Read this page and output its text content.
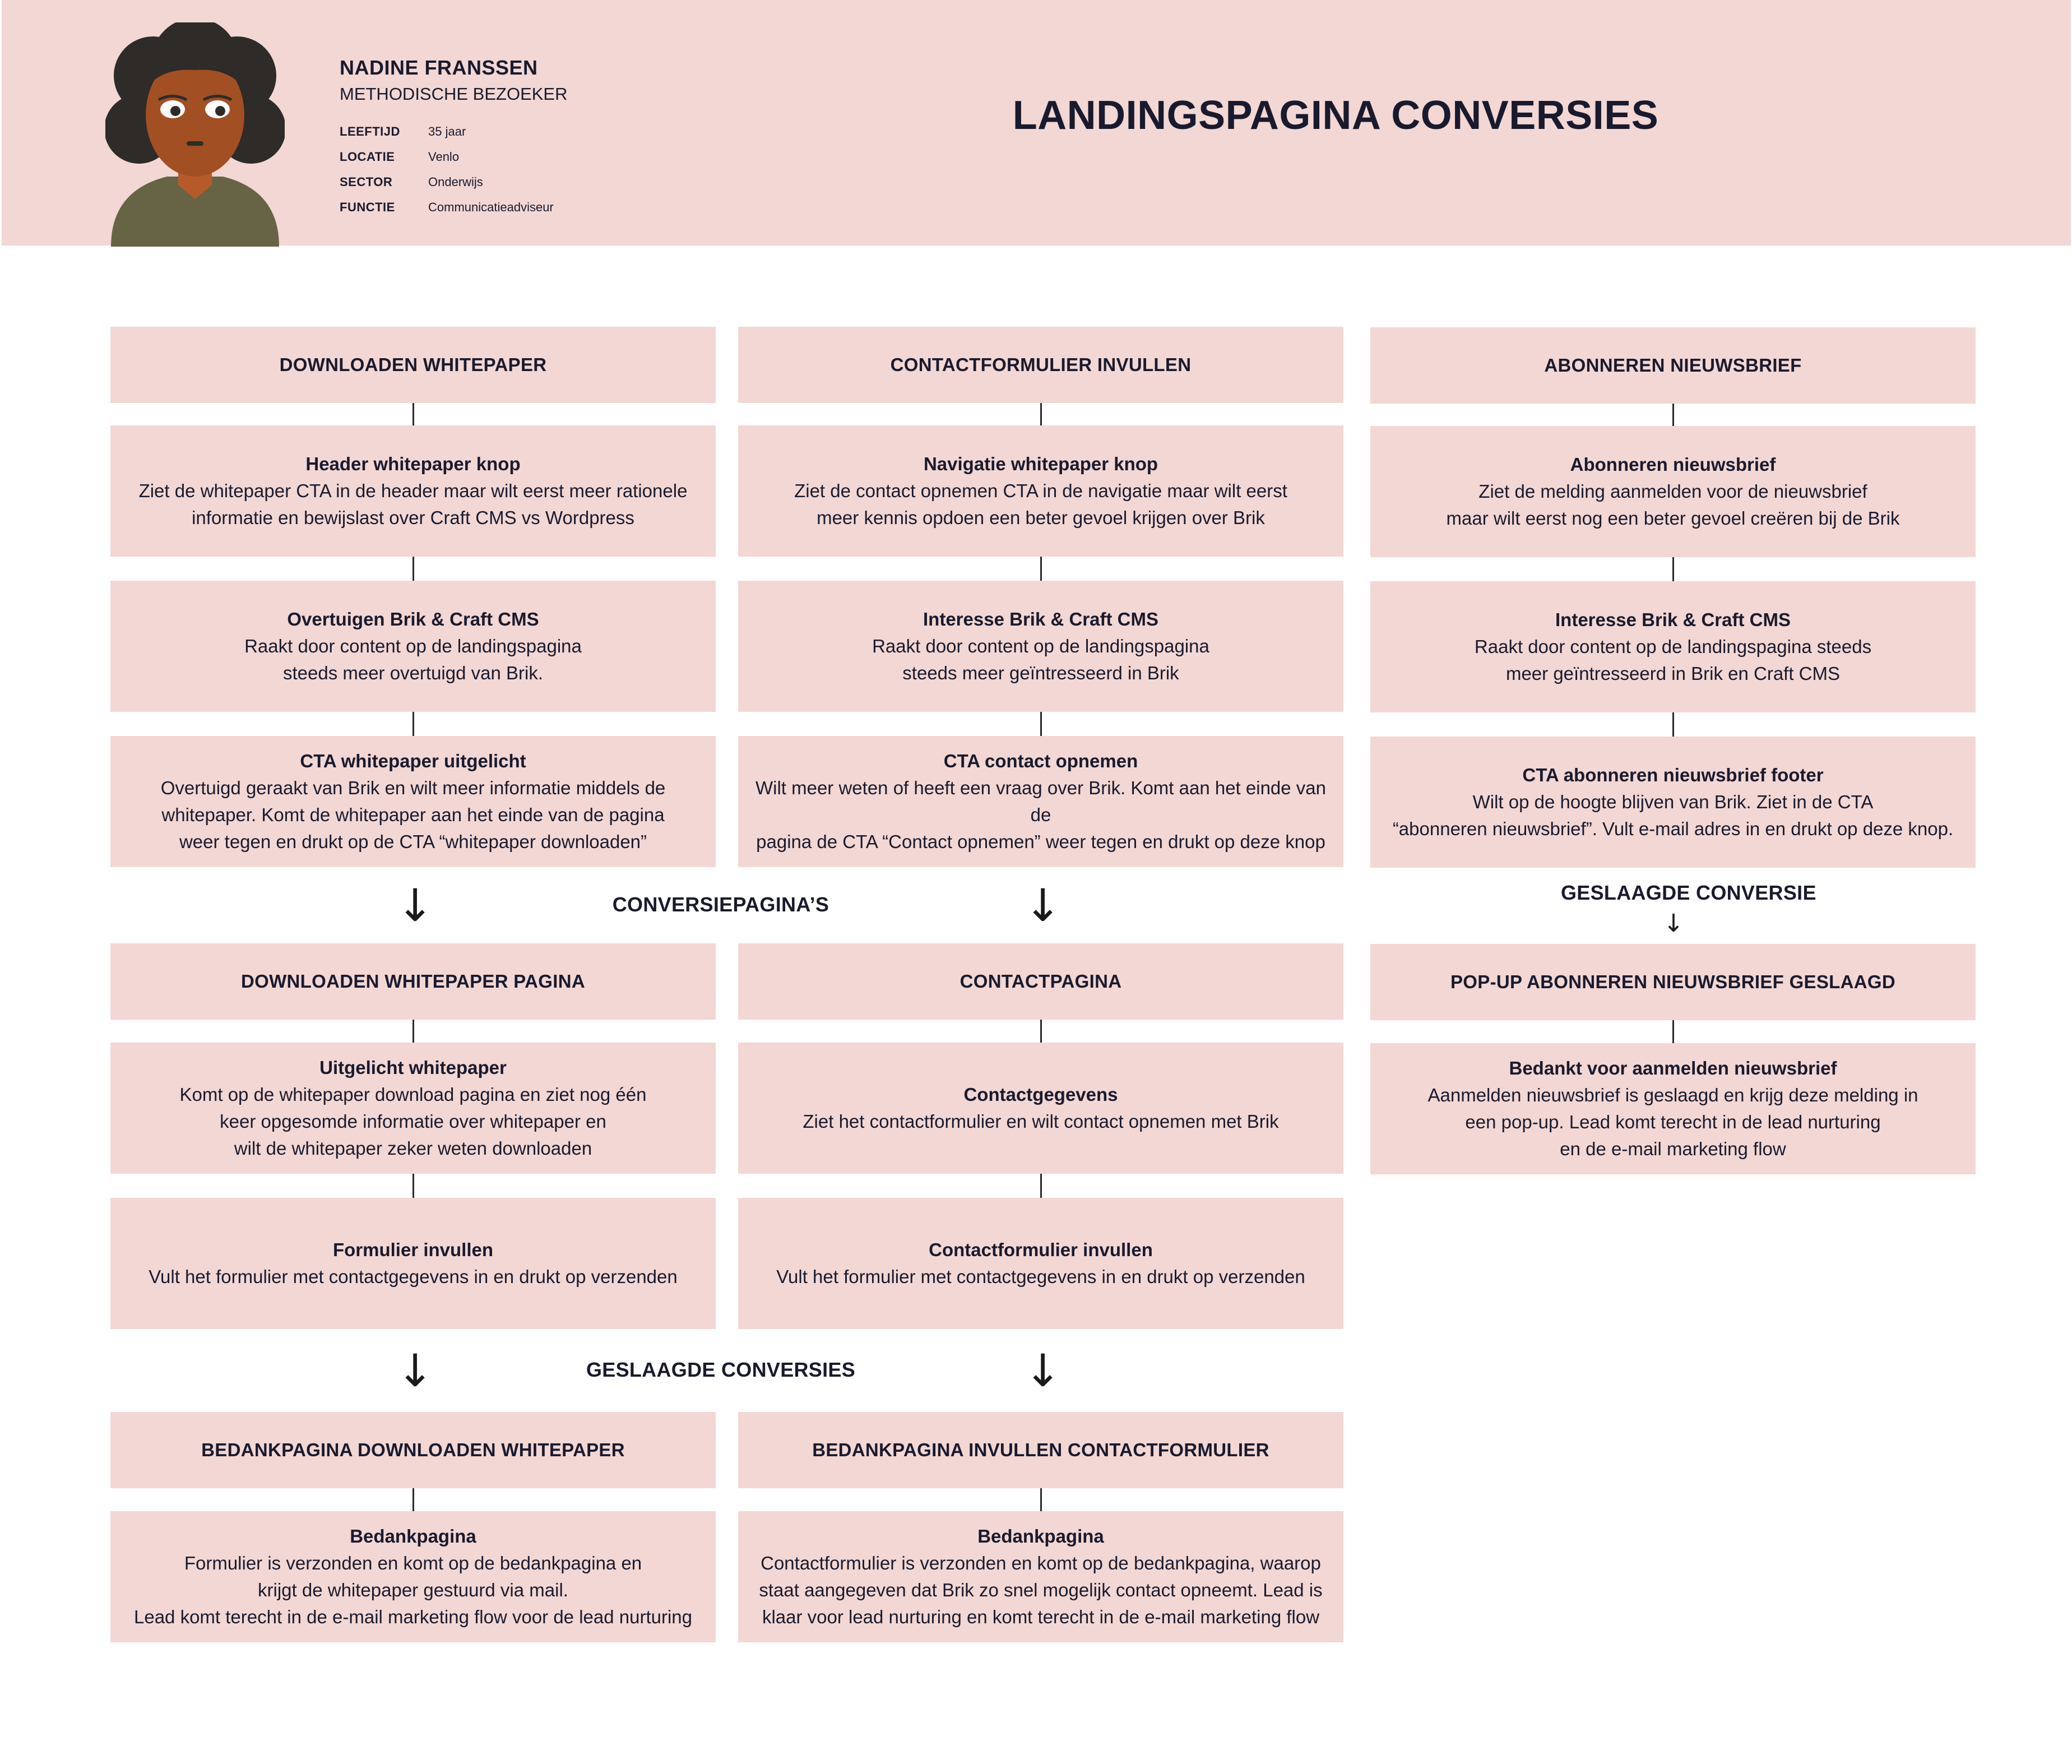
NADINE FRANSSEN
METHODISCHE BEZOEKER
LEEFTIJD	35 jaar
LOCATIE	Venlo
SECTOR	Onderwijs
FUNCTIE	Communicatieadviseur
LANDINGSPAGINA CONVERSIES
DOWNLOADEN WHITEPAPER
Header whitepaper knop
Ziet de whitepaper CTA in de header maar wilt eerst meer rationele
informatie en bewijslast over Craft CMS vs Wordpress
Overtuigen Brik & Craft CMS
Raakt door content op de landingspagina
steeds meer overtuigd van Brik.
CTA whitepaper uitgelicht
Overtuigd geraakt van Brik en wilt meer informatie middels de
whitepaper. Komt de whitepaper aan het einde van de pagina
weer tegen en drukt op de CTA “whitepaper downloaden”
↓
DOWNLOADEN WHITEPAPER PAGINA
Uitgelicht whitepaper
Komt op de whitepaper download pagina en ziet nog één
keer opgesomde informatie over whitepaper en
wilt de whitepaper zeker weten downloaden
Formulier invullen
Vult het formulier met contactgegevens in en drukt op verzenden
↓
BEDANKPAGINA DOWNLOADEN WHITEPAPER
Bedankpagina
Formulier is verzonden en komt op de bedankpagina en
krijgt de whitepaper gestuurd via mail.
Lead komt terecht in de e-mail marketing flow voor de lead nurturing
CONTACTFORMULIER INVULLEN
Navigatie whitepaper knop
Ziet de contact opnemen CTA in de navigatie maar wilt eerst
meer kennis opdoen een beter gevoel krijgen over Brik
Interesse Brik & Craft CMS
Raakt door content op de landingspagina
steeds meer geïntresseerd in Brik
CTA contact opnemen
Wilt meer weten of heeft een vraag over Brik. Komt aan het einde van de
pagina de CTA “Contact opnemen” weer tegen en drukt op deze knop
↓
CONTACTPAGINA
Contactgegevens
Ziet het contactformulier en wilt contact opnemen met Brik
Contactformulier invullen
Vult het formulier met contactgegevens in en drukt op verzenden
↓
BEDANKPAGINA INVULLEN CONTACTFORMULIER
Bedankpagina
Contactformulier is verzonden en komt op de bedankpagina, waarop
staat aangegeven dat Brik zo snel mogelijk contact opneemt. Lead is
klaar voor lead nurturing en komt terecht in de e-mail marketing flow
ABONNEREN NIEUWSBRIEF
Abonneren nieuwsbrief
Ziet de melding aanmelden voor de nieuwsbrief
maar wilt eerst nog een beter gevoel creëren bij de Brik
Interesse Brik & Craft CMS
Raakt door content op de landingspagina steeds
meer geïntresseerd in Brik en Craft CMS
CTA abonneren nieuwsbrief footer
Wilt op de hoogte blijven van Brik. Ziet in de CTA
“abonneren nieuwsbrief”. Vult e-mail adres in en drukt op deze knop.
GESLAAGDE CONVERSIE
↓
POP-UP ABONNEREN NIEUWSBRIEF GESLAAGD
Bedankt voor aanmelden nieuwsbrief
Aanmelden nieuwsbrief is geslaagd en krijg deze melding in
een pop-up. Lead komt terecht in de lead nurturing
en de e-mail marketing flow
CONVERSIEPAGINA’S
GESLAAGDE CONVERSIES
